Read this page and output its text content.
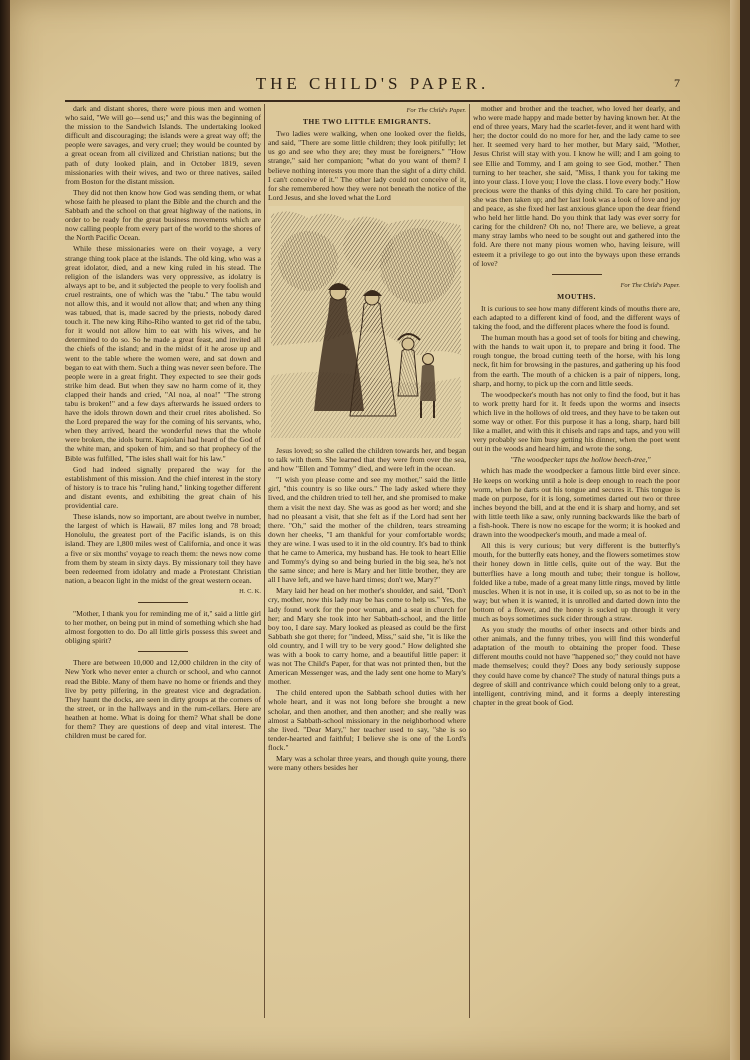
THE CHILD'S PAPER.	7

dark and distant shores, there were pious men and women who said, "We will go—send us;" and this was the beginning of the mission to the Sandwich Islands. The undertaking looked difficult and discouraging; the islands were a great way off; the people were savages, and very cruel; they would be counted by a great ocean from all civilized and Christian nations; but the path of duty looked plain, and in October 1819, seven missionaries with their wives, and two or three natives, sailed from Boston for the distant mission.

They did not then know how God was sending them, or what whose faith he pleased to plant the Bible and the church and the Sabbath and the school on that great highway of the nations, in order to be ready for the great business movements which are now calling people from every part of the world to the shores of the North Pacific Ocean.

While these missionaries were on their voyage, a very strange thing took place at the islands. The old king, who was a great idolator, died, and a new king ruled in his stead. The religion of the islanders was very oppressive, as idolatry is always apt to be, and it subjected the people to very foolish and cruel restraints, one of which was the "tabu." The tabu would not allow this, and it would not allow that; and when any thing was tabued, that is, made sacred by the priests, nobody dared touch it. The new king Riho-Riho wanted to get rid of the tabu, for it would not allow him to eat with his wives, and he determined to do so. So he made a great feast, and invited all the chiefs of the island; and in the midst of it he arose up and went to the table where the women were, and sat down and began to eat with them. Such a thing was never seen before. The people were in a great fright. They expected to see their gods strike him dead. But when they saw no harm come of it, they clapped their hands and cried, "Al noa, al noa!" "The strong tabu is broken!" and a few days afterwards he issued orders to have the idols thrown down and their cruel rites abolished. So the Lord prepared the way for the coming of his servants, who, when they arrived, heard the wonderful news that the whole were broken, the idols burnt. Kapiolani had heard of the God of the white man, and spoken of him, and so that prophecy of the Bible was fulfilled, "The isles shall wait for his law."

God had indeed signally prepared the way for the establishment of this mission. And the chief interest in the story of history is to trace his "ruling hand," linking together different and distant events, and exhibiting the great chain of his providential care.

These islands, now so important, are about twelve in number, the largest of which is Hawaii, 87 miles long and 78 broad; Honolulu, the greatest port of the Pacific islands, is on this island. They are 1,800 miles west of California, and once it was a five or six months' voyage to reach them: the news now come from them by steam in sixty days. By missionary toil they have been redeemed from idolatry and made a Protestant Christian nation, a beacon light in the midst of the great western ocean.

H. C. K.

"Mother, I thank you for reminding me of it," said a little girl to her mother, on being put in mind of something which she had almost forgotten to do. Do all little girls possess this sweet and obliging spirit?

There are between 10,000 and 12,000 children in the city of New York who never enter a church or school, and who cannot read the Bible. Many of them have no home or friends and they live by petty pilfering, in the greatest vice and degradation. They haunt the docks, are seen in dirty groups at the corners of the street, or in the hallways and in the rum-cellars. Here are heathen at home. What is doing for them? What shall be done for them? They are questions of deep and vital interest. The children must be cared for.

For The Child's Paper.
THE TWO LITTLE EMIGRANTS.

Two ladies were walking, when one looked over the fields, and said, "There are some little children; they look pitifully; let us go and see who they are; they must be foreigners." "How strange," said her companion; "what do you want of them? I believe nothing interests you more than the sight of a dirty child. I can't conceive of it." The other lady could not conceive of it, for she remembered how they were not beneath the notice of the Lord Jesus, and she loved what the Lord

Jesus loved; so she called the children towards her, and began to talk with them. She learned that they were from over the sea, and how "Ellen and Tommy" died, and were left in the ocean.

"I wish you please come and see my mother," said the little girl, "this country is so like ours." The lady asked where they lived, and the children tried to tell her, and she promised to make them a visit the next day. She was as good as her word; and she had no pleasant a visit, that she felt as if the Lord had sent her there. "Oh," said the mother of the children, tears streaming down her cheeks, "I am thankful for your comfortable words; they are wine. I was used to it in the old country. It's bad to think that he came to America, my husband has. He took to heart Ellie and Tommy's dying so and being buried in the big sea, he's not the same since; and here is Mary and her little brother, they are all I have left, and we have hard times; don't we, Mary?"

Mary laid her head on her mother's shoulder, and said, "Don't cry, mother, now this lady may be has come to help us." Yes, the lady found work for the poor woman, and a seat in church for her; and Mary she took into her Sabbath-school, and the little boy too, I dare say. Mary looked as pleased as could be the first Sabbath she got there; for "indeed, Miss," said she, "it is like the old country, and I will try to be very good." How delighted she was with a book to carry home, and a beautiful little paper: it was not The Child's Paper, for that was not printed then, but the American Messenger was, and the lady sent one home to Mary's mother.

The child entered upon the Sabbath school duties with her whole heart, and it was not long before she brought a new scholar, and then another, and then another; and she really was almost a Sabbath-school missionary in the neighborhood where she lived. "Dear Mary," her teacher used to say, "she is so tender-hearted and faithful; I believe she is one of the Lord's flock."

Mary was a scholar three years, and though quite young, there were many others besides her

mother and brother and the teacher, who loved her dearly, and who were made happy and made better by having known her. At the end of three years, Mary had the scarlet-fever, and it went hard with her; the doctor could do no more for her, and the lady came to see her. It seemed very hard to her mother, but Mary said, "Mother, Jesus Christ will stay with you. I know he will; and I am going to see Ellie and Tommy, and I am going to see God, mother." Then turning to her teacher, she said, "Miss, I thank you for taking me into your class. I love you; I love the class. I love every body." How precious were the thanks of this dying child. To care her position, she was then taken up; and her last look was a look of love and joy and peace, as she fixed her last anxious glance upon the dear friend who held her little hand. Do you think that lady was ever sorry for caring for the children? Oh no, no! There are, we believe, a great many stray lambs who need to be sought out and gathered into the fold. Are there not many pious women who, having leisure, will esteem it a privilege to go out into the byways upon these errands of love?

For The Child's Paper.
MOUTHS.

It is curious to see how many different kinds of mouths there are, each adapted to a different kind of food, and the different ways of taking the food, and the different places where the food is found.

The human mouth has a good set of tools for biting and chewing, with the hands to wait upon it, to prepare and bring it food. The rough tongue, the broad cutting teeth of the horse, with his long neck, fit him for browsing in the pastures, and gathering up his food from the earth. The mouth of a chicken is a pair of nippers, long, sharp, and horny, to pick up the corn and little seeds.

The woodpecker's mouth has not only to find the food, but it has to work pretty hard for it. It feeds upon the worms and insects which live in the hollows of old trees, and they have to be taken out some way or other. For this purpose it has a long, sharp, hard bill like a mallet, and with this it chisels and raps and taps, and you will very probably see him busy getting his dinner, when the poet went out in the woods and heard him, and wrote the song,

"The woodpecker taps the hollow beech-tree,"

which has made the woodpecker a famous little bird ever since. He keeps on working until a hole is deep enough to reach the poor worm, when he darts out his tongue and secures it. This tongue is made on purpose, for it is long, sometimes darted out two or three inches beyond the bill, and at the end it is sharp and horny, and set with little teeth like a saw, only running backwards like the barb of a fish-hook. There is now no escape for the worm; it is hooked and drawn into the woodpecker's mouth, and made a meal of.

All this is very curious; but very different is the butterfly's mouth, for the butterfly eats honey, and the flowers sometimes stow their honey down in little cells, quite out of the way. But the butterflies have a long mouth and tube; their tongue is hollow, folded like a tube, made of a great many little rings, moved by little muscles. When it is not in use, it is coiled up, so as not to be in the way; but when it is wanted, it is unrolled and darted down into the bottom of a flower, and the honey is sucked up through it very much as boys sometimes suck cider through a straw.

As you study the mouths of other insects and other birds and other animals, and the funny tribes, you will find this wonderful adaptation of the mouth to obtaining the proper food. These different mouths could not have "happened so;" they could not have made themselves; could they? Does any body seriously suppose they could have come by chance? The study of natural things puts a degree of skill and contrivance which could belong only to a great, intelligent, contriving mind, and it forms a deeply interesting chapter in the great book of God.
